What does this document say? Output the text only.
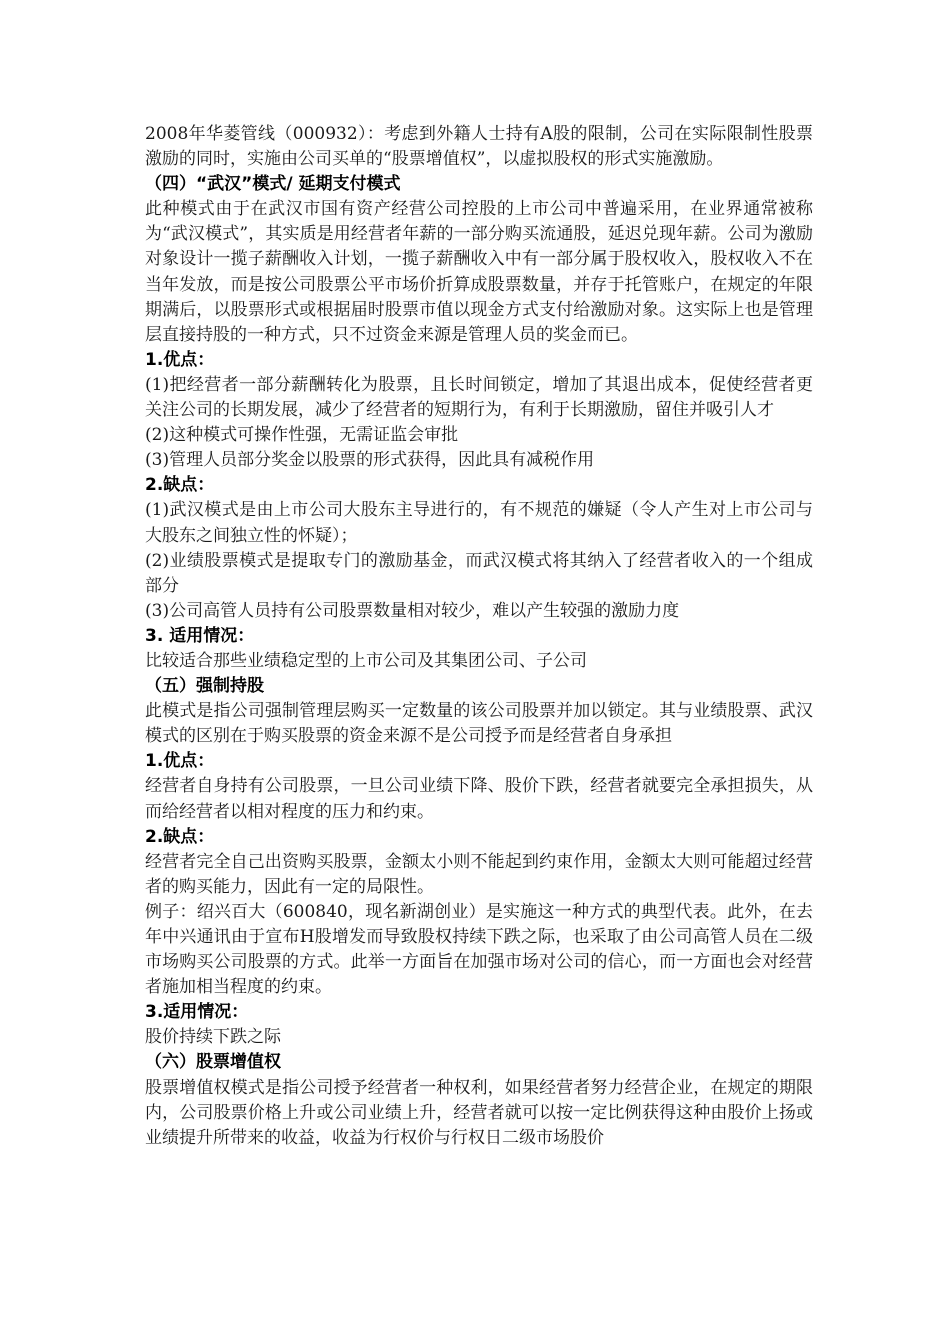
2008年华菱管线（000932）：考虑到外籍人士持有A股的限制，公司在实际限制性股票激励的同时，实施由公司买单的“股票增值权”，以虚拟股权的形式实施激励。

（四）“武汉”模式/ 延期支付模式

此种模式由于在武汉市国有资产经营公司控股的上市公司中普遍采用，在业界通常被称为“武汉模式”，其实质是用经营者年薪的一部分购买流通股，延迟兑现年薪。公司为激励对象设计一揽子薪酬收入计划，一揽子薪酬收入中有一部分属于股权收入，股权收入不在当年发放，而是按公司股票公平市场价折算成股票数量，并存于托管账户，在规定的年限期满后，以股票形式或根据届时股票市值以现金方式支付给激励对象。这实际上也是管理层直接持股的一种方式，只不过资金来源是管理人员的奖金而已。

1.优点：

(1)把经营者一部分薪酬转化为股票，且长时间锁定，增加了其退出成本，促使经营者更关注公司的长期发展，减少了经营者的短期行为，有利于长期激励，留住并吸引人才

(2)这种模式可操作性强，无需证监会审批

(3)管理人员部分奖金以股票的形式获得，因此具有减税作用

2.缺点：

(1)武汉模式是由上市公司大股东主导进行的，有不规范的嫌疑（令人产生对上市公司与大股东之间独立性的怀疑）；

(2)业绩股票模式是提取专门的激励基金，而武汉模式将其纳入了经营者收入的一个组成部分

(3)公司高管人员持有公司股票数量相对较少，难以产生较强的激励力度

3. 适用情况：

比较适合那些业绩稳定型的上市公司及其集团公司、子公司

（五）强制持股

此模式是指公司强制管理层购买一定数量的该公司股票并加以锁定。其与业绩股票、武汉模式的区别在于购买股票的资金来源不是公司授予而是经营者自身承担

1.优点：

经营者自身持有公司股票，一旦公司业绩下降、股价下跌，经营者就要完全承担损失，从而给经营者以相对程度的压力和约束。

2.缺点：

经营者完全自己出资购买股票，金额太小则不能起到约束作用，金额太大则可能超过经营者的购买能力，因此有一定的局限性。

例子：绍兴百大（600840，现名新湖创业）是实施这一种方式的典型代表。此外，在去年中兴通讯由于宣布H股增发而导致股权持续下跌之际，也采取了由公司高管人员在二级市场购买公司股票的方式。此举一方面旨在加强市场对公司的信心，而一方面也会对经营者施加相当程度的约束。

3.适用情况：

股价持续下跌之际

（六）股票增值权

股票增值权模式是指公司授予经营者一种权利，如果经营者努力经营企业，在规定的期限内，公司股票价格上升或公司业绩上升，经营者就可以按一定比例获得这种由股价上扬或业绩提升所带来的收益，收益为行权价与行权日二级市场股价
